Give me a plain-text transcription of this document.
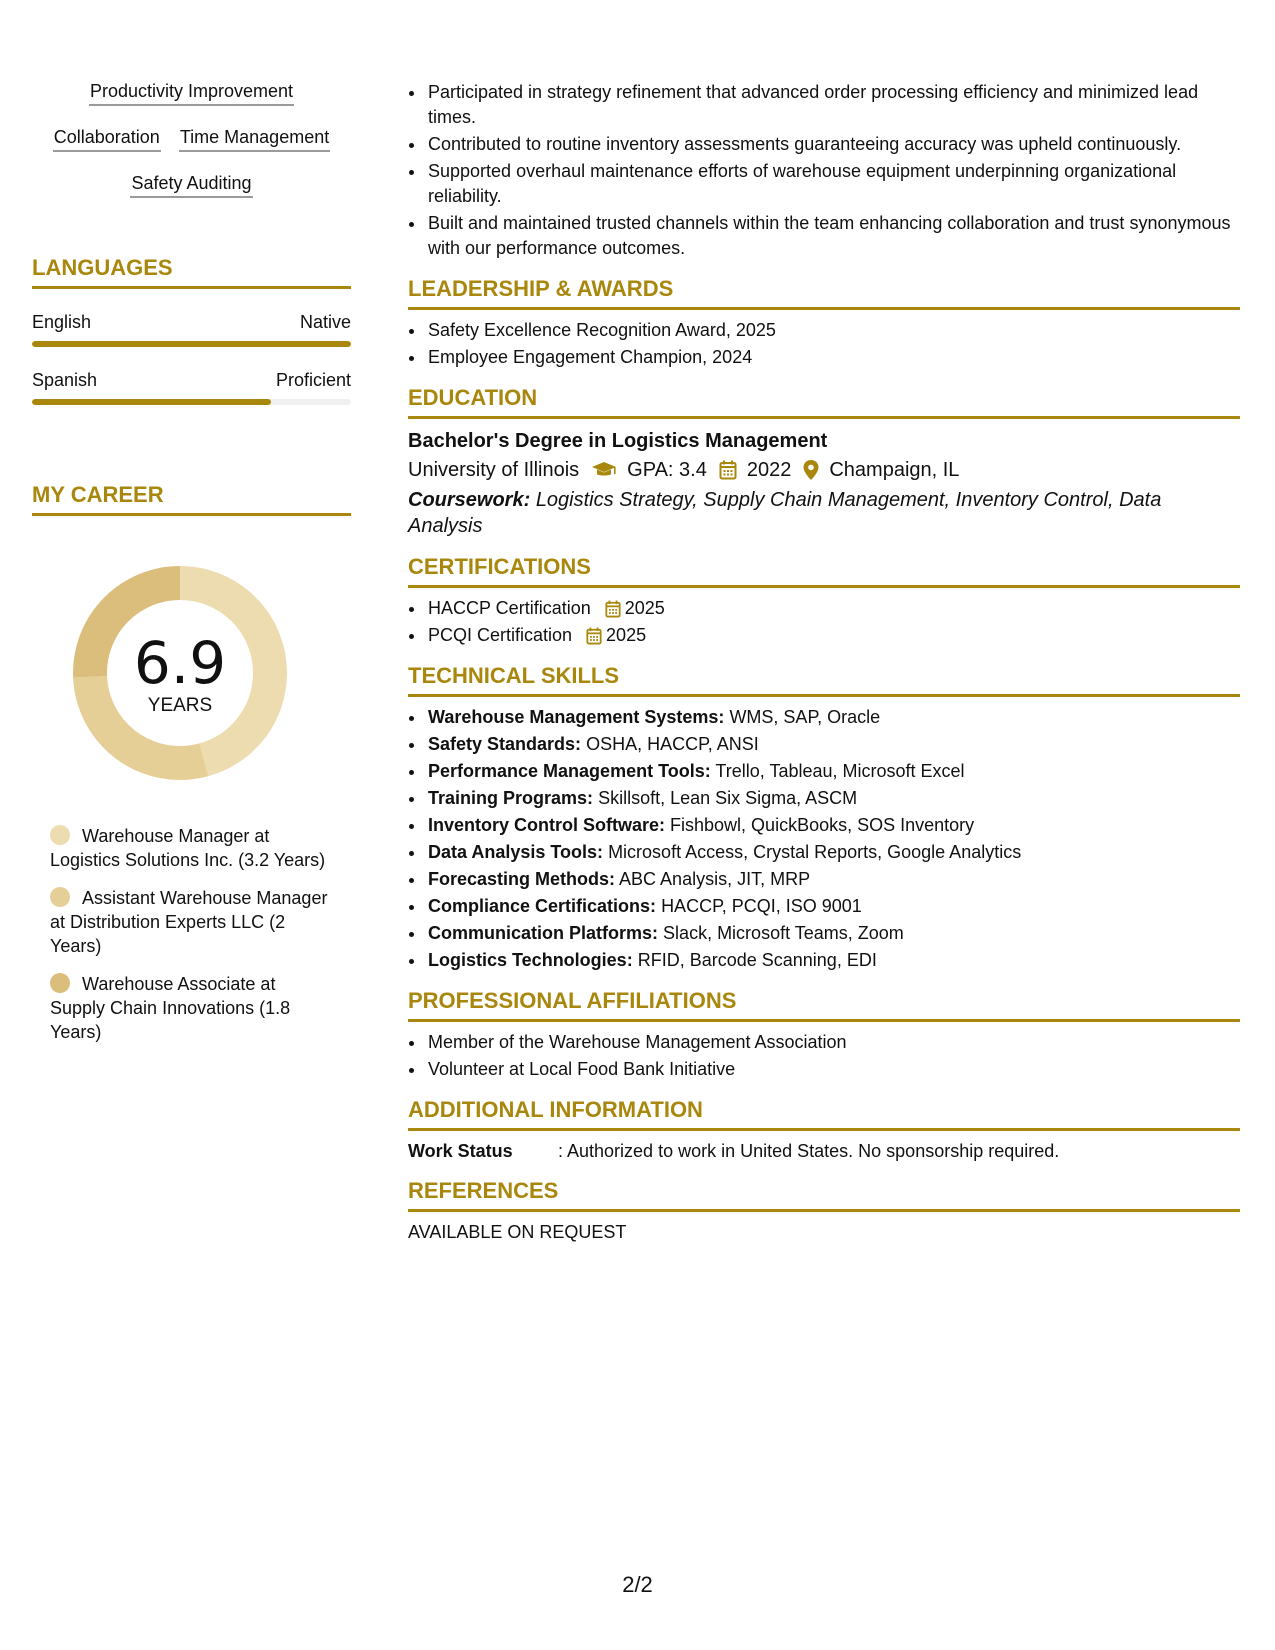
Productivity Improvement
Collaboration Time Management
Safety Auditing
LANGUAGES
English	Native
Spanish	Proficient
MY CAREER
6.9
YEARS
Warehouse Manager at Logistics Solutions Inc. (3.2 Years)
Assistant Warehouse Manager at Distribution Experts LLC (2 Years)
Warehouse Associate at Supply Chain Innovations (1.8 Years)
• Participated in strategy refinement that advanced order processing efficiency and minimized lead times.
• Contributed to routine inventory assessments guaranteeing accuracy was upheld continuously.
• Supported overhaul maintenance efforts of warehouse equipment underpinning organizational reliability.
• Built and maintained trusted channels within the team enhancing collaboration and trust synonymous with our performance outcomes.
LEADERSHIP & AWARDS
• Safety Excellence Recognition Award, 2025
• Employee Engagement Champion, 2024
EDUCATION
Bachelor's Degree in Logistics Management
University of Illinois GPA: 3.4 2022 Champaign, IL
Coursework: Logistics Strategy, Supply Chain Management, Inventory Control, Data Analysis
CERTIFICATIONS
• HACCP Certification 2025
• PCQI Certification 2025
TECHNICAL SKILLS
• Warehouse Management Systems: WMS, SAP, Oracle
• Safety Standards: OSHA, HACCP, ANSI
• Performance Management Tools: Trello, Tableau, Microsoft Excel
• Training Programs: Skillsoft, Lean Six Sigma, ASCM
• Inventory Control Software: Fishbowl, QuickBooks, SOS Inventory
• Data Analysis Tools: Microsoft Access, Crystal Reports, Google Analytics
• Forecasting Methods: ABC Analysis, JIT, MRP
• Compliance Certifications: HACCP, PCQI, ISO 9001
• Communication Platforms: Slack, Microsoft Teams, Zoom
• Logistics Technologies: RFID, Barcode Scanning, EDI
PROFESSIONAL AFFILIATIONS
• Member of the Warehouse Management Association
• Volunteer at Local Food Bank Initiative
ADDITIONAL INFORMATION
Work Status	: Authorized to work in United States. No sponsorship required.
REFERENCES
AVAILABLE ON REQUEST
2/2
